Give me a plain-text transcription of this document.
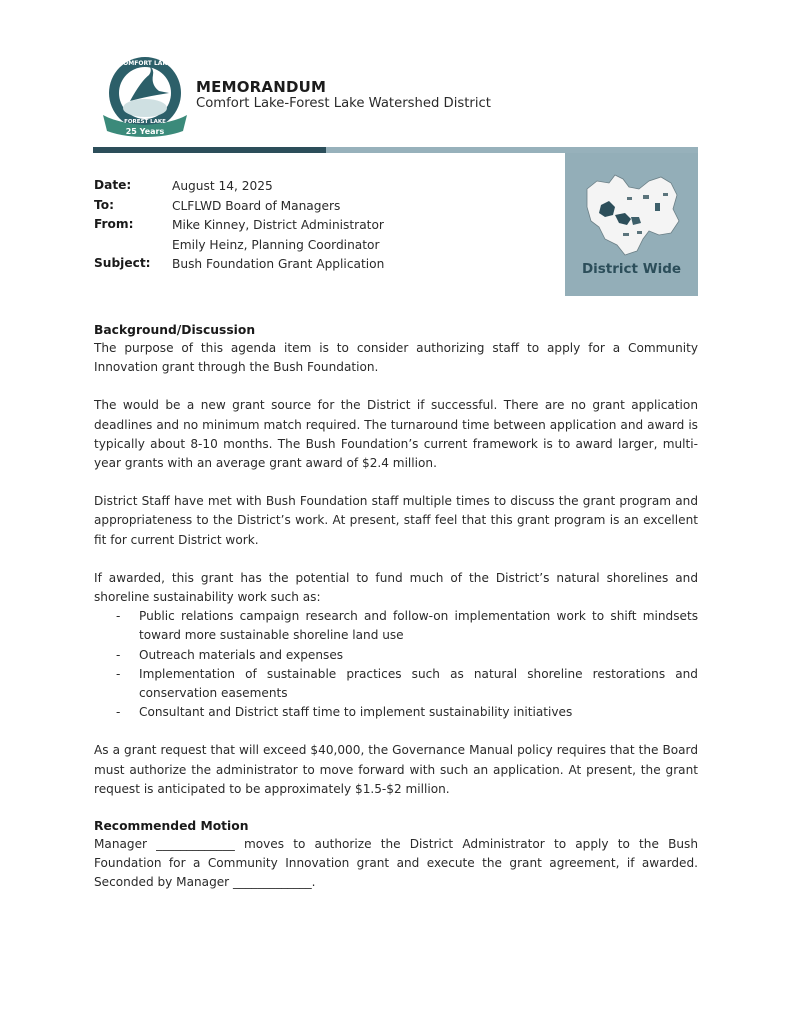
COMFORT LAKE
FOREST LAKE
25 Years
MEMORANDUM
Comfort Lake-Forest Lake Watershed District
District Wide
Date:	August 14, 2025
To:	CLFLWD Board of Managers
From:	Mike Kinney, District Administrator
Emily Heinz, Planning Coordinator
Subject: Bush Foundation Grant Application
Background/Discussion

The purpose of this agenda item is to consider authorizing staff to apply for a Community Innovation grant through the Bush Foundation.

The would be a new grant source for the District if successful. There are no grant application deadlines and no minimum match required. The turnaround time between application and award is typically about 8-10 months. The Bush Foundation’s current framework is to award larger, multi-year grants with an average grant award of $2.4 million.

District Staff have met with Bush Foundation staff multiple times to discuss the grant program and appropriateness to the District’s work. At present, staff feel that this grant program is an excellent fit for current District work.

If awarded, this grant has the potential to fund much of the District’s natural shorelines and shoreline sustainability work such as:

- Public relations campaign research and follow-on implementation work to shift mindsets toward more sustainable shoreline land use
- Outreach materials and expenses
- Implementation of sustainable practices such as natural shoreline restorations and conservation easements
- Consultant and District staff time to implement sustainability initiatives

As a grant request that will exceed $40,000, the Governance Manual policy requires that the Board must authorize the administrator to move forward with such an application. At present, the grant request is anticipated to be approximately $1.5-$2 million.

Recommended Motion

Manager _____________ moves to authorize the District Administrator to apply to the Bush Foundation for a Community Innovation grant and execute the grant agreement, if awarded. Seconded by Manager _____________.
